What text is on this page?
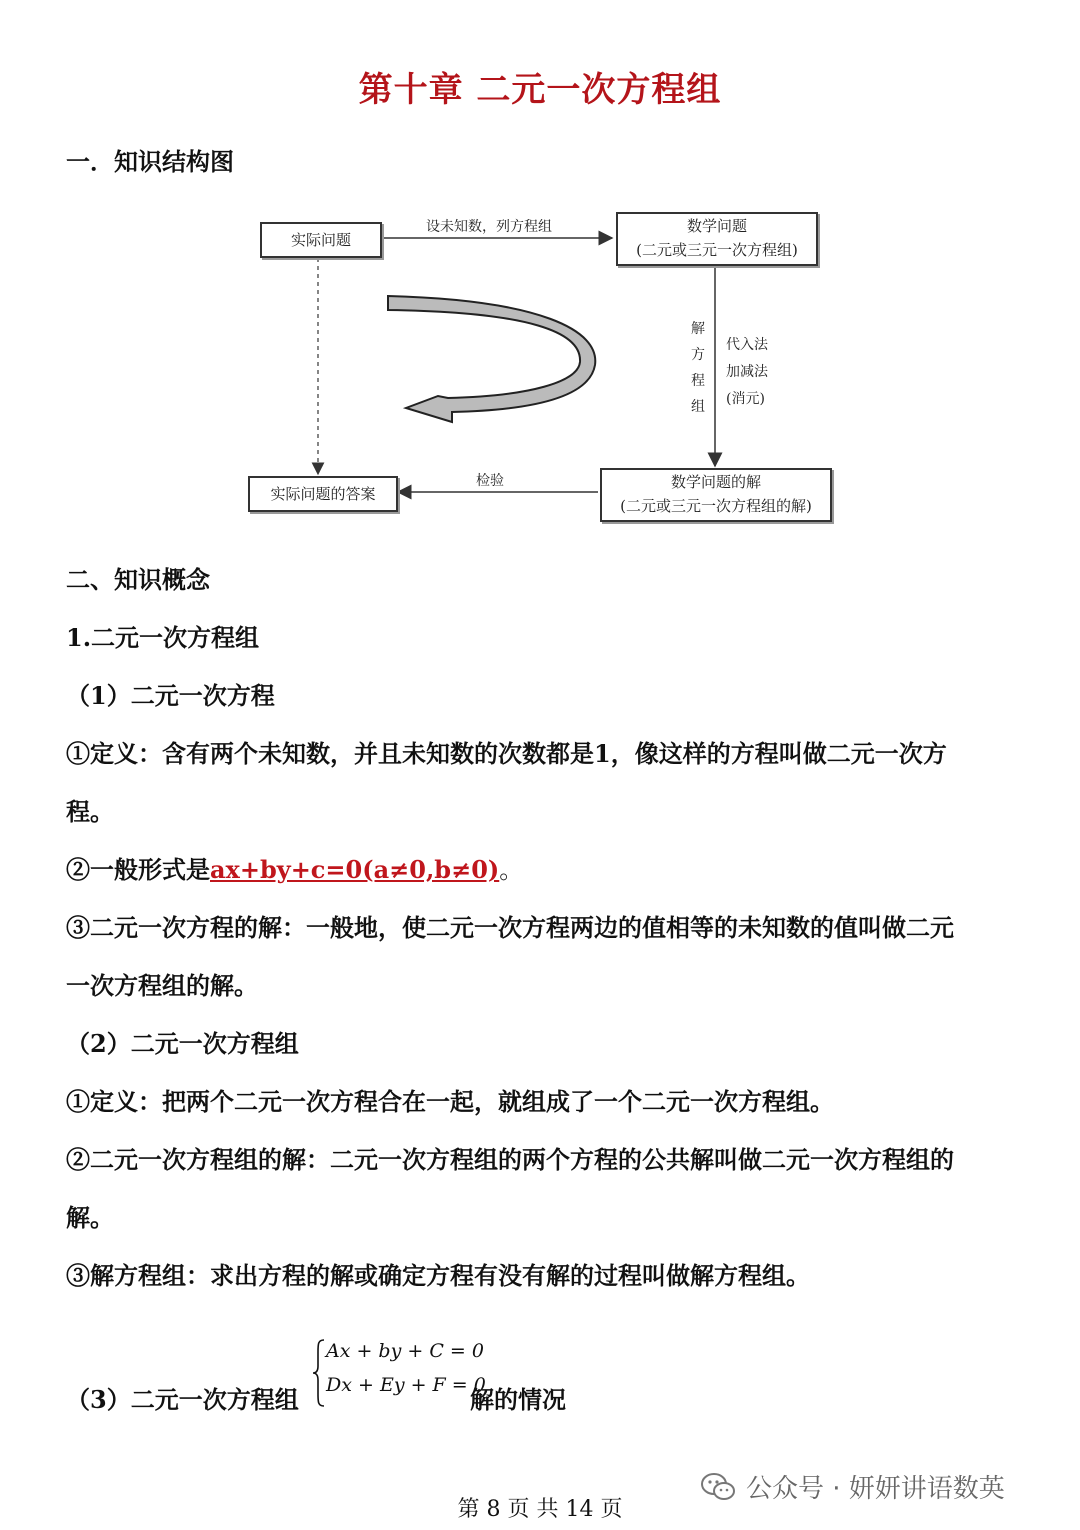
第十章 二元一次方程组
一．知识结构图
实际问题
数学问题
(二元或三元一次方程组)
设未知数，列方程组
解
方
程
组
代入法
加减法
(消元)
数学问题的解
(二元或三元一次方程组的解)
检验
实际问题的答案
二、知识概念
1.二元一次方程组
（1）二元一次方程
①定义：含有两个未知数，并且未知数的次数都是1，像这样的方程叫做二元一次方
程。
②一般形式是ax+by+c=0(a≠0,b≠0)。
③二元一次方程的解：一般地，使二元一次方程两边的值相等的未知数的值叫做二元
一次方程组的解。
（2）二元一次方程组
①定义：把两个二元一次方程合在一起，就组成了一个二元一次方程组。
②二元一次方程组的解：二元一次方程组的两个方程的公共解叫做二元一次方程组的
解。
③解方程组：求出方程的解或确定方程有没有解的过程叫做解方程组。
（3）二元一次方程组
Ax + by + C = 0
Dx + Ey + F = 0
解的情况
第 8 页 共 14 页
公众号 · 妍妍讲语数英
